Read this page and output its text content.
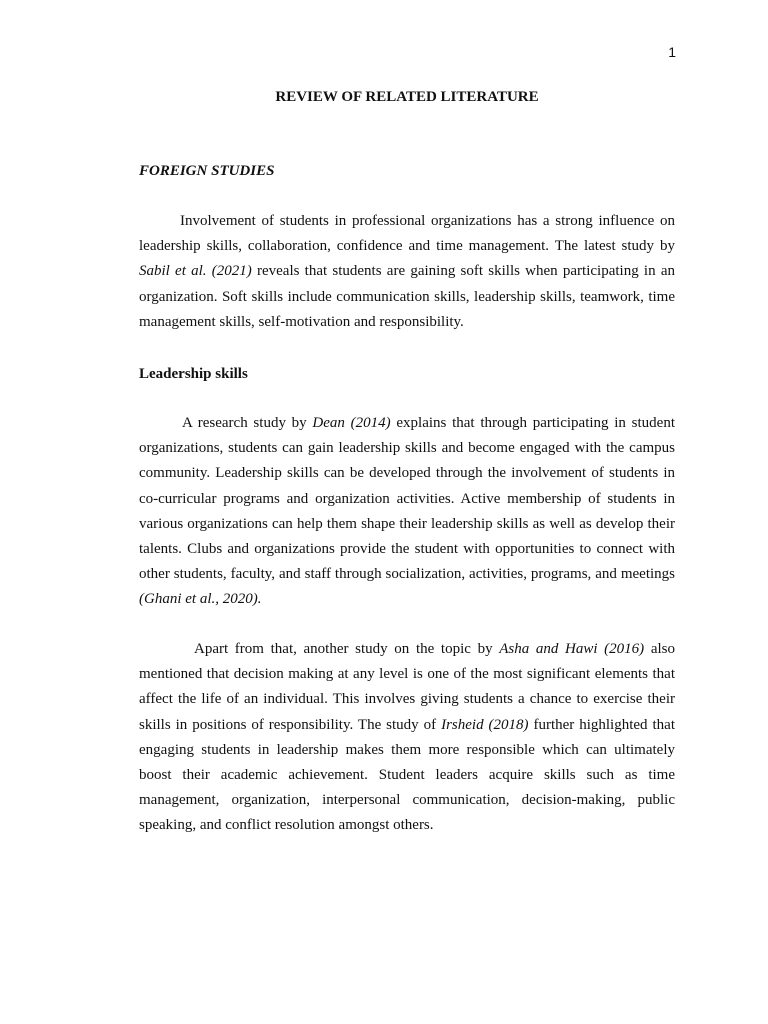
1
REVIEW OF RELATED LITERATURE
FOREIGN STUDIES
Involvement of students in professional organizations has a strong influence on leadership skills, collaboration, confidence and time management. The latest study by Sabil et al. (2021) reveals that students are gaining soft skills when participating in an organization. Soft skills include communication skills, leadership skills, teamwork, time management skills, self-motivation and responsibility.
Leadership skills
A research study by Dean (2014) explains that through participating in student organizations, students can gain leadership skills and become engaged with the campus community. Leadership skills can be developed through the involvement of students in co-curricular programs and organization activities. Active membership of students in various organizations can help them shape their leadership skills as well as develop their talents. Clubs and organizations provide the student with opportunities to connect with other students, faculty, and staff through socialization, activities, programs, and meetings (Ghani et al., 2020).
Apart from that, another study on the topic by Asha and Hawi (2016) also mentioned that decision making at any level is one of the most significant elements that affect the life of an individual. This involves giving students a chance to exercise their skills in positions of responsibility. The study of Irsheid (2018) further highlighted that engaging students in leadership makes them more responsible which can ultimately boost their academic achievement. Student leaders acquire skills such as time management, organization, interpersonal communication, decision-making, public speaking, and conflict resolution amongst others.
